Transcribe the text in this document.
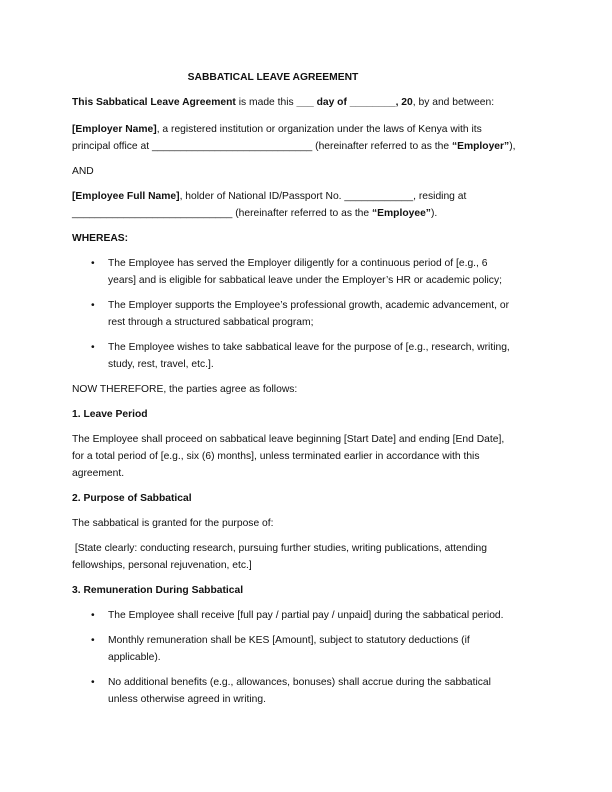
SABBATICAL LEAVE AGREEMENT

This Sabbatical Leave Agreement is made this ___ day of ________, 20, by and between:

[Employer Name], a registered institution or organization under the laws of Kenya with its
principal office at ____________________________ (hereinafter referred to as the “Employer”),

AND

[Employee Full Name], holder of National ID/Passport No. ____________, residing at
____________________________ (hereinafter referred to as the “Employee”).

WHEREAS:

• The Employee has served the Employer diligently for a continuous period of [e.g., 6
years] and is eligible for sabbatical leave under the Employer’s HR or academic policy;
• The Employer supports the Employee’s professional growth, academic advancement, or
rest through a structured sabbatical program;
• The Employee wishes to take sabbatical leave for the purpose of [e.g., research, writing,
study, rest, travel, etc.].

NOW THEREFORE, the parties agree as follows:

1. Leave Period

The Employee shall proceed on sabbatical leave beginning [Start Date] and ending [End Date],
for a total period of [e.g., six (6) months], unless terminated earlier in accordance with this
agreement.

2. Purpose of Sabbatical

The sabbatical is granted for the purpose of:

[State clearly: conducting research, pursuing further studies, writing publications, attending
fellowships, personal rejuvenation, etc.]

3. Remuneration During Sabbatical

• The Employee shall receive [full pay / partial pay / unpaid] during the sabbatical period.
• Monthly remuneration shall be KES [Amount], subject to statutory deductions (if
applicable).
• No additional benefits (e.g., allowances, bonuses) shall accrue during the sabbatical
unless otherwise agreed in writing.
